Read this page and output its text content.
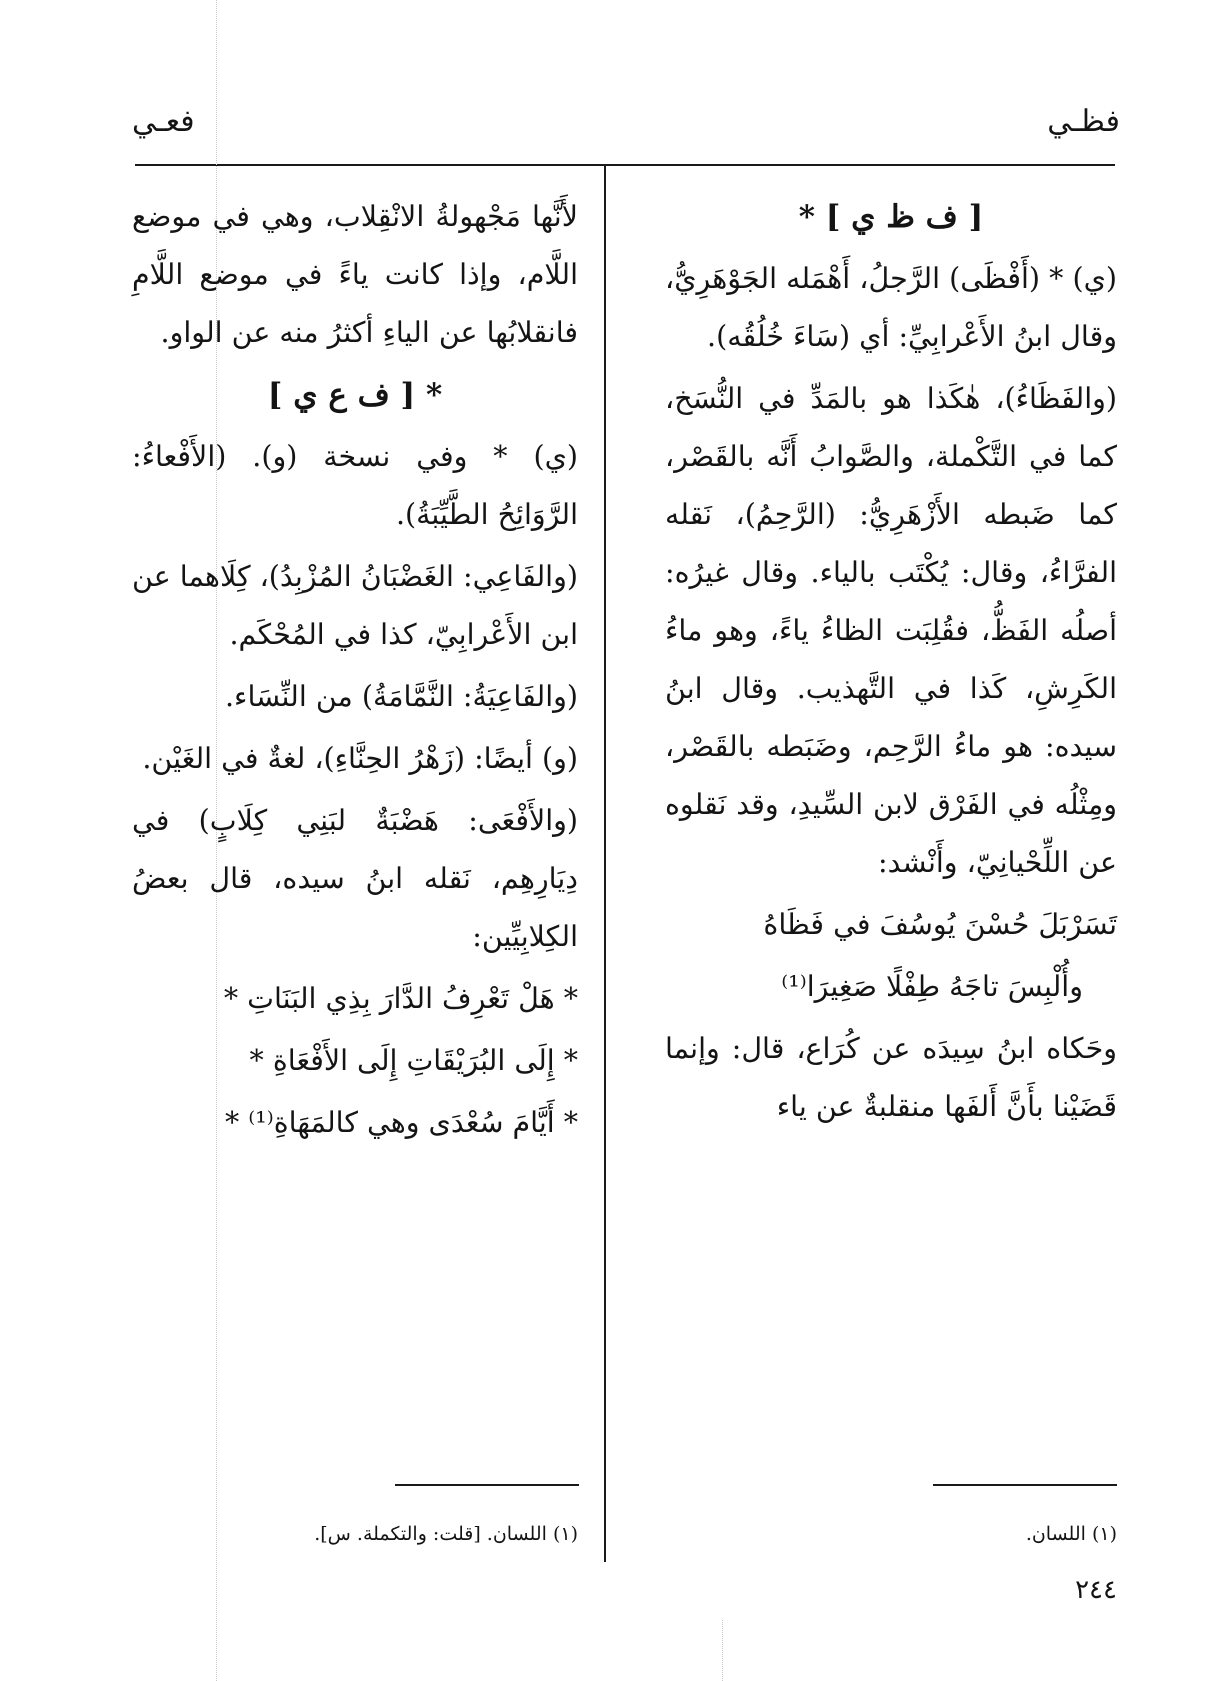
فظـي
فعـي

[ ف ظ ي ] *

(ي) * (أَفْظَى) الرَّجلُ، أَهْمَله الجَوْهَرِيُّ، وقال ابنُ الأَعْرابِيِّ: أي (سَاءَ خُلُقُه).

(والفَظَاءُ)، هٰكَذا هو بالمَدِّ في النُّسَخ، كما في التَّكْملة، والصَّوابُ أَنَّه بالقَصْر، كما ضَبطه الأَزْهَرِيُّ: (الرَّحِمُ)، نَقله الفرَّاءُ، وقال: يُكْتَب بالياء. وقال غيرُه: أصلُه الفَظُّ، فقُلِبَت الظاءُ ياءً، وهو ماءُ الكَرِشِ، كَذا في التَّهذيب. وقال ابنُ سيده: هو ماءُ الرَّحِم، وضَبَطه بالقَصْر، ومِثْلُه في الفَرْق لابن السِّيدِ، وقد نَقلوه عن اللِّحْيانِيّ، وأَنْشد:

تَسَرْبَلَ حُسْنَ يُوسُفَ في فَظَاهُ

وأُلْبِسَ تاجَهُ طِفْلًا صَغِيرَا⁽¹⁾

وحَكاه ابنُ سِيدَه عن كُرَاع، قال: وإنما قَضَيْنا بأَنَّ أَلفَها منقلبةٌ عن ياء

لأَنَّها مَجْهولةُ الانْقِلاب، وهي في موضع اللَّام، وإذا كانت ياءً في موضع اللَّامِ فانقلابُها عن الياءِ أكثرُ منه عن الواو.

* [ ف ع ي ]

(ي) * وفي نسخة (و). (الأَفْعاءُ: الرَّوَائِحُ الطَّيِّبَةُ).

(والفَاعِي: الغَضْبَانُ المُزْبِدُ)، كِلَاهما عن ابن الأَعْرابِيّ، كذا في المُحْكَم.

(والفَاعِيَةُ: النَّمَّامَةُ) من النِّسَاء.

(و) أيضًا: (زَهْرُ الحِنَّاءِ)، لغةٌ في الغَيْن.

(والأَفْعَى: هَضْبَةٌ لبَنِي كِلَابٍ) في دِيَارِهِم، نَقله ابنُ سيده، قال بعضُ الكِلابِيِّين:

* هَلْ تَعْرِفُ الدَّارَ بِذِي البَنَاتِ *

* إِلَى البُرَيْقَاتِ إِلَى الأَفْعَاةِ *

* أَيَّامَ سُعْدَى وهي كالمَهَاةِ⁽¹⁾ *

(١) اللسان.
(١) اللسان. [قلت: والتكملة. س].
٢٤٤
